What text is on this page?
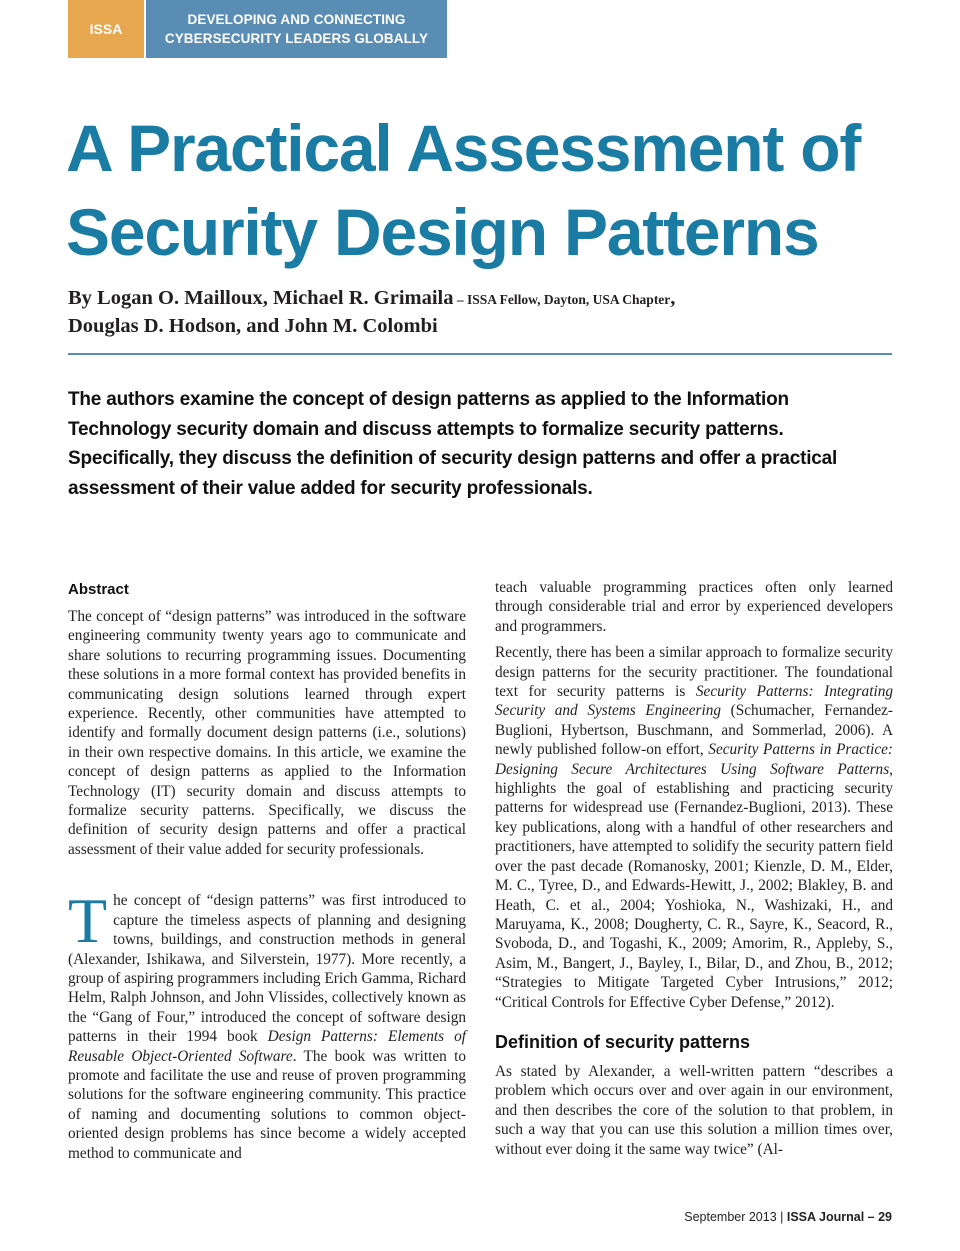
ISSA
DEVELOPING AND CONNECTING
CYBERSECURITY LEADERS GLOBALLY
A Practical Assessment of
Security Design Patterns
By Logan O. Mailloux, Michael R. Grimaila – ISSA Fellow, Dayton, USA Chapter,
Douglas D. Hodson, and John M. Colombi
The authors examine the concept of design patterns as applied to the Information Technology security domain and discuss attempts to formalize security patterns. Specifically, they discuss the definition of security design patterns and offer a practical assessment of their value added for security professionals.
Abstract

The concept of “design patterns” was introduced in the software engineering community twenty years ago to communicate and share solutions to recurring programming issues. Documenting these solutions in a more formal context has provided benefits in communicating design solutions learned through expert experience. Recently, other communities have attempted to identify and formally document design patterns (i.e., solutions) in their own respective domains. In this article, we examine the concept of design patterns as applied to the Information Technology (IT) security domain and discuss attempts to formalize security patterns. Specifically, we discuss the definition of security design patterns and offer a practical assessment of their value added for security professionals.

The concept of “design patterns” was first introduced to capture the timeless aspects of planning and designing towns, buildings, and construction methods in general (Alexander, Ishikawa, and Silverstein, 1977). More recently, a group of aspiring programmers including Erich Gamma, Richard Helm, Ralph Johnson, and John Vlissides, collectively known as the “Gang of Four,” introduced the concept of software design patterns in their 1994 book Design Patterns: Elements of Reusable Object-Oriented Software. The book was written to promote and facilitate the use and reuse of proven programming solutions for the software engineering community. This practice of naming and documenting solutions to common object-oriented design problems has since become a widely accepted method to communicate and

teach valuable programming practices often only learned through considerable trial and error by experienced developers and programmers.

Recently, there has been a similar approach to formalize security design patterns for the security practitioner. The foundational text for security patterns is Security Patterns: Integrating Security and Systems Engineering (Schumacher, Fernandez-Buglioni, Hybertson, Buschmann, and Sommerlad, 2006). A newly published follow-on effort, Security Patterns in Practice: Designing Secure Architectures Using Software Patterns, highlights the goal of establishing and practicing security patterns for widespread use (Fernandez-Buglioni, 2013). These key publications, along with a handful of other researchers and practitioners, have attempted to solidify the security pattern field over the past decade (Romanosky, 2001; Kienzle, D. M., Elder, M. C., Tyree, D., and Edwards-Hewitt, J., 2002; Blakley, B. and Heath, C. et al., 2004; Yoshioka, N., Washizaki, H., and Maruyama, K., 2008; Dougherty, C. R., Sayre, K., Seacord, R., Svoboda, D., and Togashi, K., 2009; Amorim, R., Appleby, S., Asim, M., Bangert, J., Bayley, I., Bilar, D., and Zhou, B., 2012; “Strategies to Mitigate Targeted Cyber Intrusions,” 2012; “Critical Controls for Effective Cyber Defense,” 2012).

Definition of security patterns

As stated by Alexander, a well-written pattern “describes a problem which occurs over and over again in our environment, and then describes the core of the solution to that problem, in such a way that you can use this solution a million times over, without ever doing it the same way twice” (Al-

September 2013 | ISSA Journal – 29
